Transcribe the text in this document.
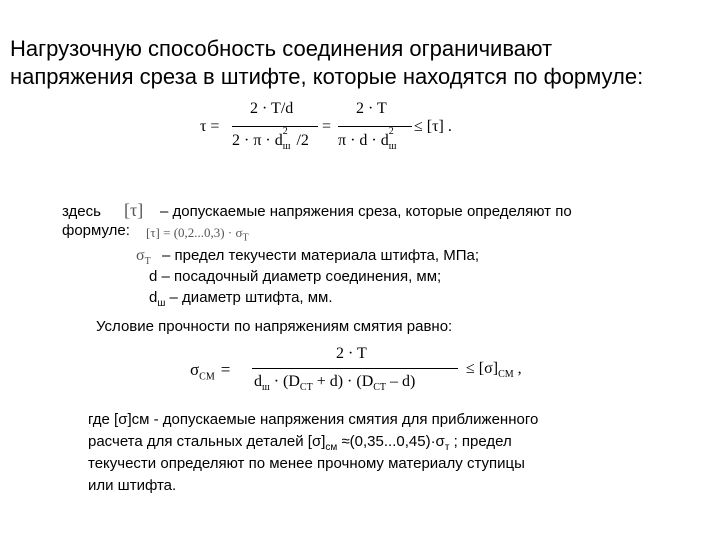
Нагрузочную способность соединения ограничивают
напряжения среза в штифте, которые находятся по формуле:
τ =
2 · T/d
$2 \cdot \pi \cdot d_ш$
2
/2
=
2 · T
$\pi \cdot d \cdot d_ш$
2 ≤ [τ] .
здесь [τ] – допускаемые напряжения среза, которые определяют по
формуле: $[\tau] = (0,2...0,3) \cdot \sigma_T$
$\sigma_T$ – предел текучести материала штифта, МПа;
d – посадочный диаметр соединения, мм;
$d_ш$ – диаметр штифта, мм.
Условие прочности по напряжениям смятия равно:
$\sigma_{CM}$ =
2 · T
$d_ш \cdot (D_{CT} + d) \cdot (D_{CT} - d)$
≤ $[\sigma]_{CM}$ ,
где [σ]см - допускаемые напряжения смятия для приближенного
расчета для стальных деталей $[\sigma]_{см} \approx(0,35...0,45)\cdot\sigma_т$ ; предел
текучести определяют по менее прочному материалу ступицы
или штифта.
